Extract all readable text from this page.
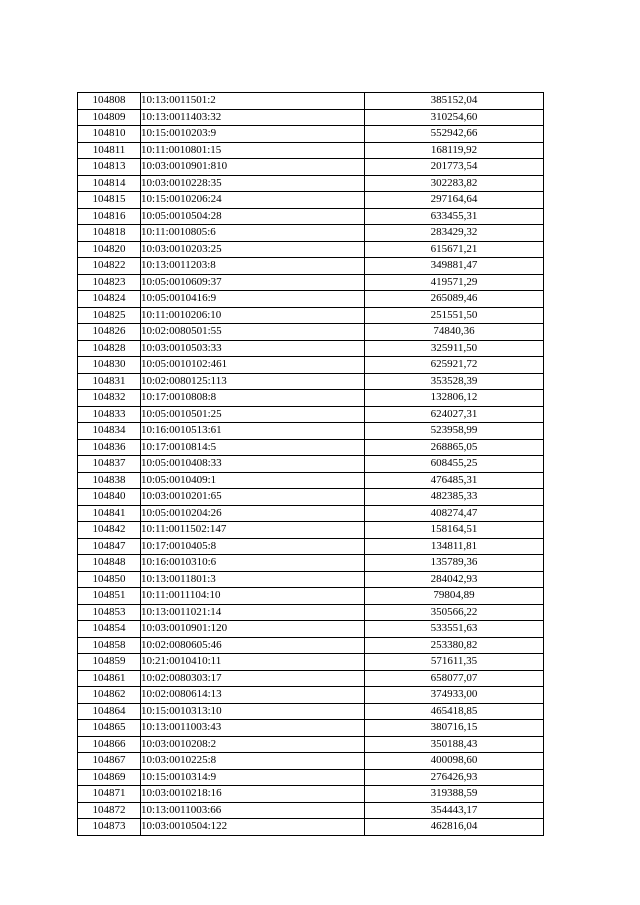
104808	10:13:0011501:2	385152,04
104809	10:13:0011403:32	310254,60
104810	10:15:0010203:9	552942,66
104811	10:11:0010801:15	168119,92
104813	10:03:0010901:810	201773,54
104814	10:03:0010228:35	302283,82
104815	10:15:0010206:24	297164,64
104816	10:05:0010504:28	633455,31
104818	10:11:0010805:6	283429,32
104820	10:03:0010203:25	615671,21
104822	10:13:0011203:8	349881,47
104823	10:05:0010609:37	419571,29
104824	10:05:0010416:9	265089,46
104825	10:11:0010206:10	251551,50
104826	10:02:0080501:55	74840,36
104828	10:03:0010503:33	325911,50
104830	10:05:0010102:461	625921,72
104831	10:02:0080125:113	353528,39
104832	10:17:0010808:8	132806,12
104833	10:05:0010501:25	624027,31
104834	10:16:0010513:61	523958,99
104836	10:17:0010814:5	268865,05
104837	10:05:0010408:33	608455,25
104838	10:05:0010409:1	476485,31
104840	10:03:0010201:65	482385,33
104841	10:05:0010204:26	408274,47
104842	10:11:0011502:147	158164,51
104847	10:17:0010405:8	134811,81
104848	10:16:0010310:6	135789,36
104850	10:13:0011801:3	284042,93
104851	10:11:0011104:10	79804,89
104853	10:13:0011021:14	350566,22
104854	10:03:0010901:120	533551,63
104858	10:02:0080605:46	253380,82
104859	10:21:0010410:11	571611,35
104861	10:02:0080303:17	658077,07
104862	10:02:0080614:13	374933,00
104864	10:15:0010313:10	465418,85
104865	10:13:0011003:43	380716,15
104866	10:03:0010208:2	350188,43
104867	10:03:0010225:8	400098,60
104869	10:15:0010314:9	276426,93
104871	10:03:0010218:16	319388,59
104872	10:13:0011003:66	354443,17
104873	10:03:0010504:122	462816,04
